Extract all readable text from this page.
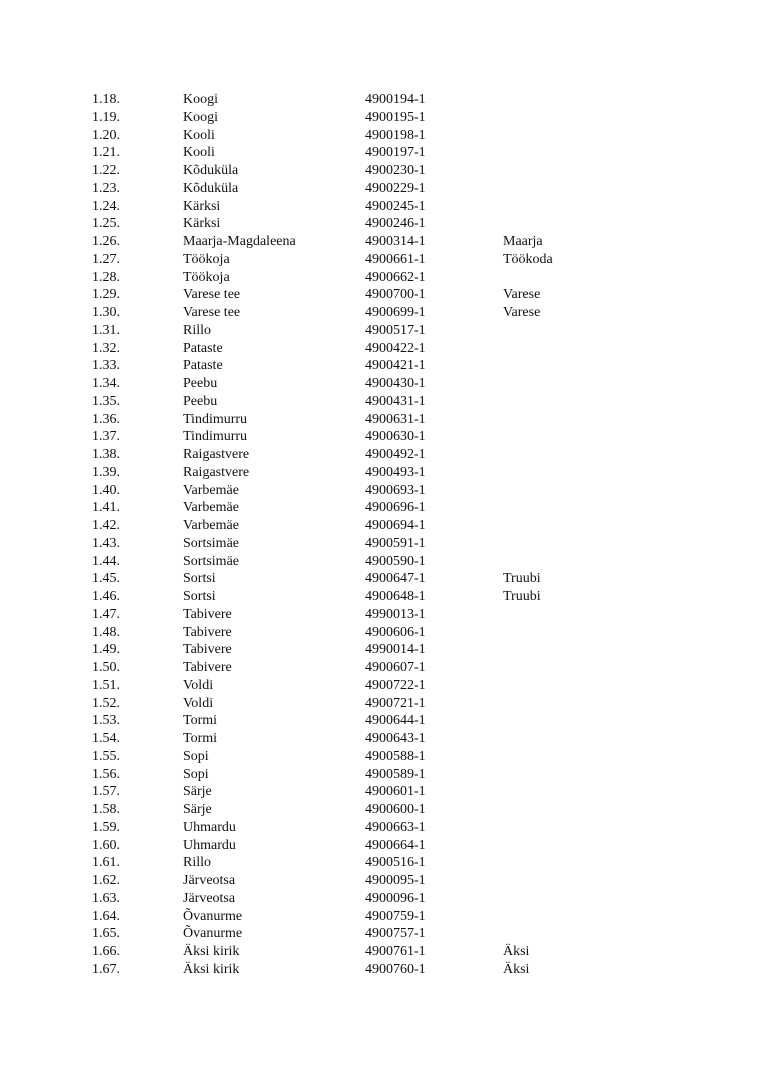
1.18.	Koogi	4900194-1
1.19.	Koogi	4900195-1
1.20.	Kooli	4900198-1
1.21.	Kooli	4900197-1
1.22.	Kõduküla	4900230-1
1.23.	Kõduküla	4900229-1
1.24.	Kärksi	4900245-1
1.25.	Kärksi	4900246-1
1.26.	Maarja-Magdaleena	4900314-1	Maarja
1.27.	Töökoja	4900661-1	Töökoda
1.28.	Töökoja	4900662-1
1.29.	Varese tee	4900700-1	Varese
1.30.	Varese tee	4900699-1	Varese
1.31.	Rillo	4900517-1
1.32.	Pataste	4900422-1
1.33.	Pataste	4900421-1
1.34.	Peebu	4900430-1
1.35.	Peebu	4900431-1
1.36.	Tindimurru	4900631-1
1.37.	Tindimurru	4900630-1
1.38.	Raigastvere	4900492-1
1.39.	Raigastvere	4900493-1
1.40.	Varbemäe	4900693-1
1.41.	Varbemäe	4900696-1
1.42.	Varbemäe	4900694-1
1.43.	Sortsimäe	4900591-1
1.44.	Sortsimäe	4900590-1
1.45.	Sortsi	4900647-1	Truubi
1.46.	Sortsi	4900648-1	Truubi
1.47.	Tabivere	4990013-1
1.48.	Tabivere	4900606-1
1.49.	Tabivere	4990014-1
1.50.	Tabivere	4900607-1
1.51.	Voldi	4900722-1
1.52.	Voldi	4900721-1
1.53.	Tormi	4900644-1
1.54.	Tormi	4900643-1
1.55.	Sopi	4900588-1
1.56.	Sopi	4900589-1
1.57.	Särje	4900601-1
1.58.	Särje	4900600-1
1.59.	Uhmardu	4900663-1
1.60.	Uhmardu	4900664-1
1.61.	Rillo	4900516-1
1.62.	Järveotsa	4900095-1
1.63.	Järveotsa	4900096-1
1.64.	Õvanurme	4900759-1
1.65.	Õvanurme	4900757-1
1.66.	Äksi kirik	4900761-1	Äksi
1.67.	Äksi kirik	4900760-1	Äksi
